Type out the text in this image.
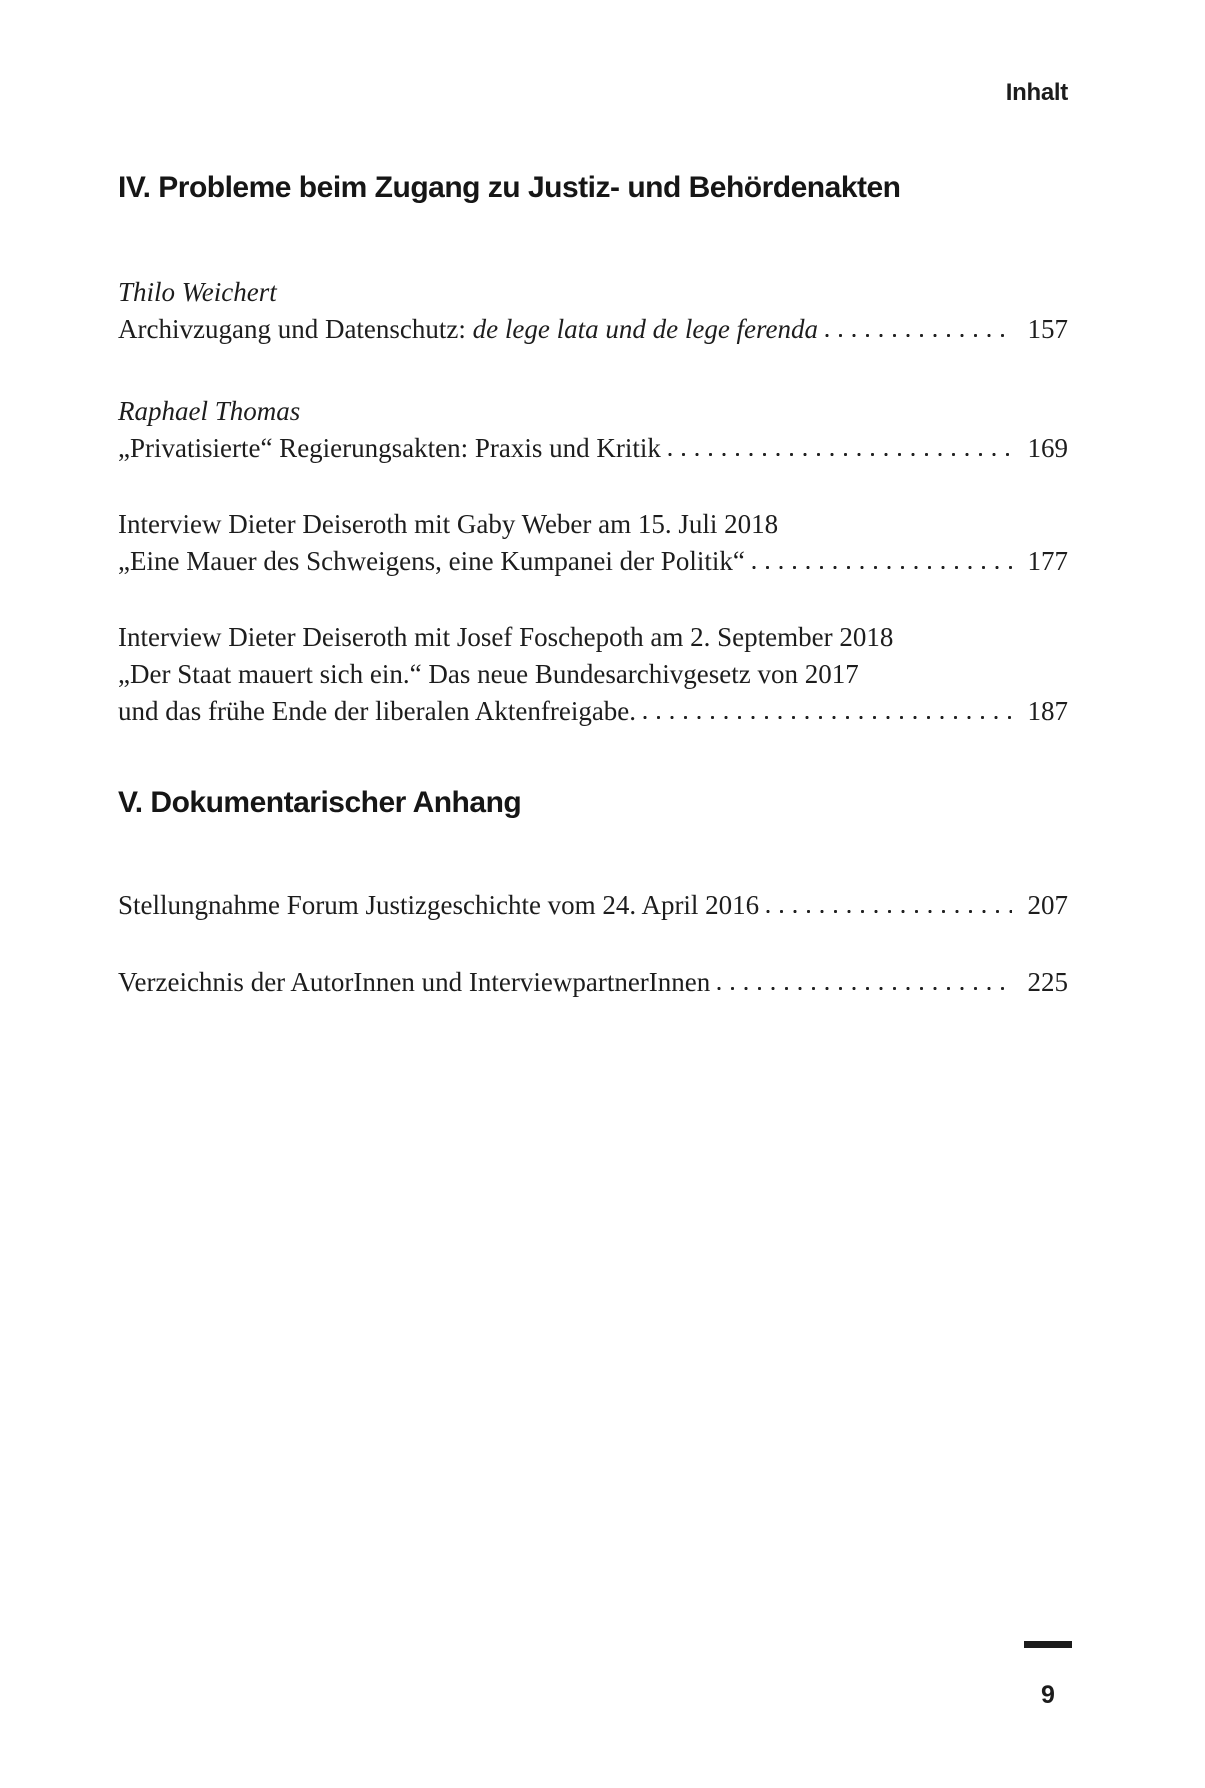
Inhalt
IV. Probleme beim Zugang zu Justiz- und Behördenakten
Thilo Weichert
Archivzugang und Datenschutz: de lege lata und de lege ferenda	157
Raphael Thomas
„Privatisierte“ Regierungsakten: Praxis und Kritik	169
Interview Dieter Deiseroth mit Gaby Weber am 15. Juli 2018
„Eine Mauer des Schweigens, eine Kumpanei der Politik“	177
Interview Dieter Deiseroth mit Josef Foschepoth am 2. September 2018
„Der Staat mauert sich ein.“ Das neue Bundesarchivgesetz von 2017
und das frühe Ende der liberalen Aktenfreigabe.	187
V. Dokumentarischer Anhang
Stellungnahme Forum Justizgeschichte vom 24. April 2016	207
Verzeichnis der AutorInnen und InterviewpartnerInnen	225
9
